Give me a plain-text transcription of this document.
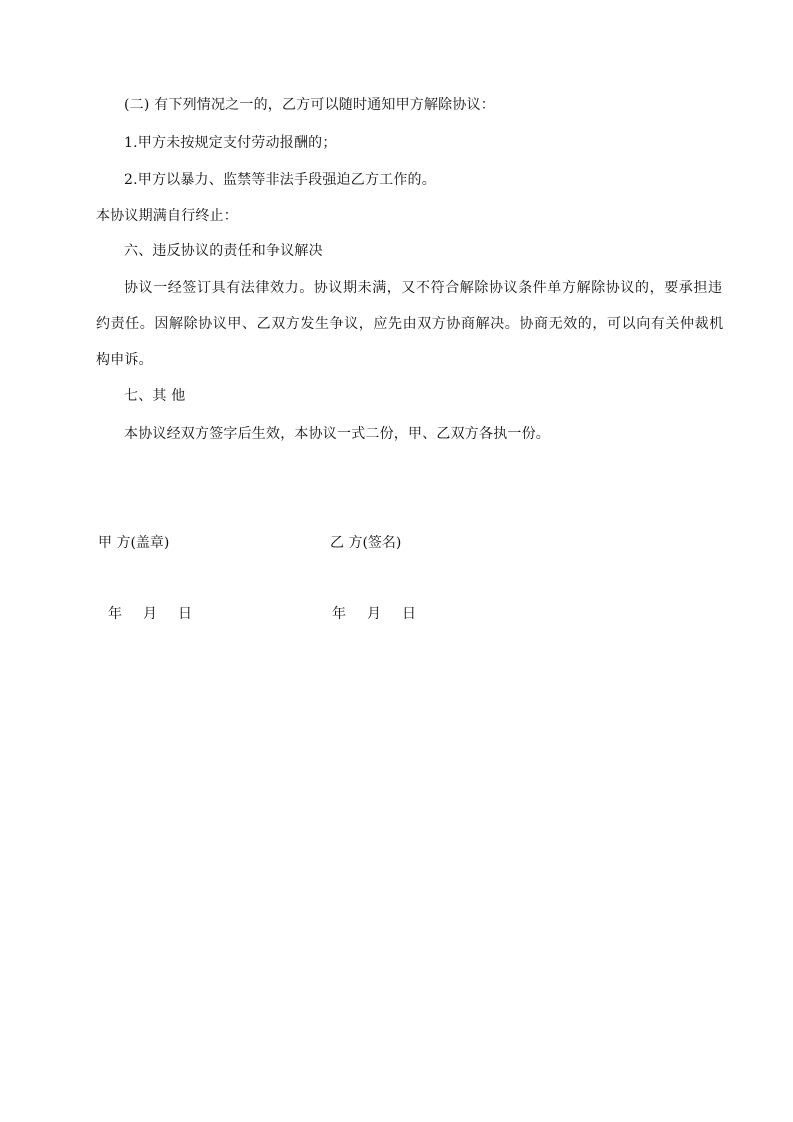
(二) 有下列情况之一的，乙方可以随时通知甲方解除协议：
1.甲方未按规定支付劳动报酬的；
2.甲方以暴力、监禁等非法手段强迫乙方工作的。
本协议期满自行终止：
六、违反协议的责任和争议解决
协议一经签订具有法律效力。协议期未满，又不符合解除协议条件单方解除协议的，要承担违
约责任。因解除协议甲、乙双方发生争议，应先由双方协商解决。协商无效的，可以向有关仲裁机
构申诉。
七、其 他
本协议经双方签字后生效，本协议一式二份，甲、乙双方各执一份。
甲 方(盖章)	乙 方(签名)
年 月 日	年 月 日
